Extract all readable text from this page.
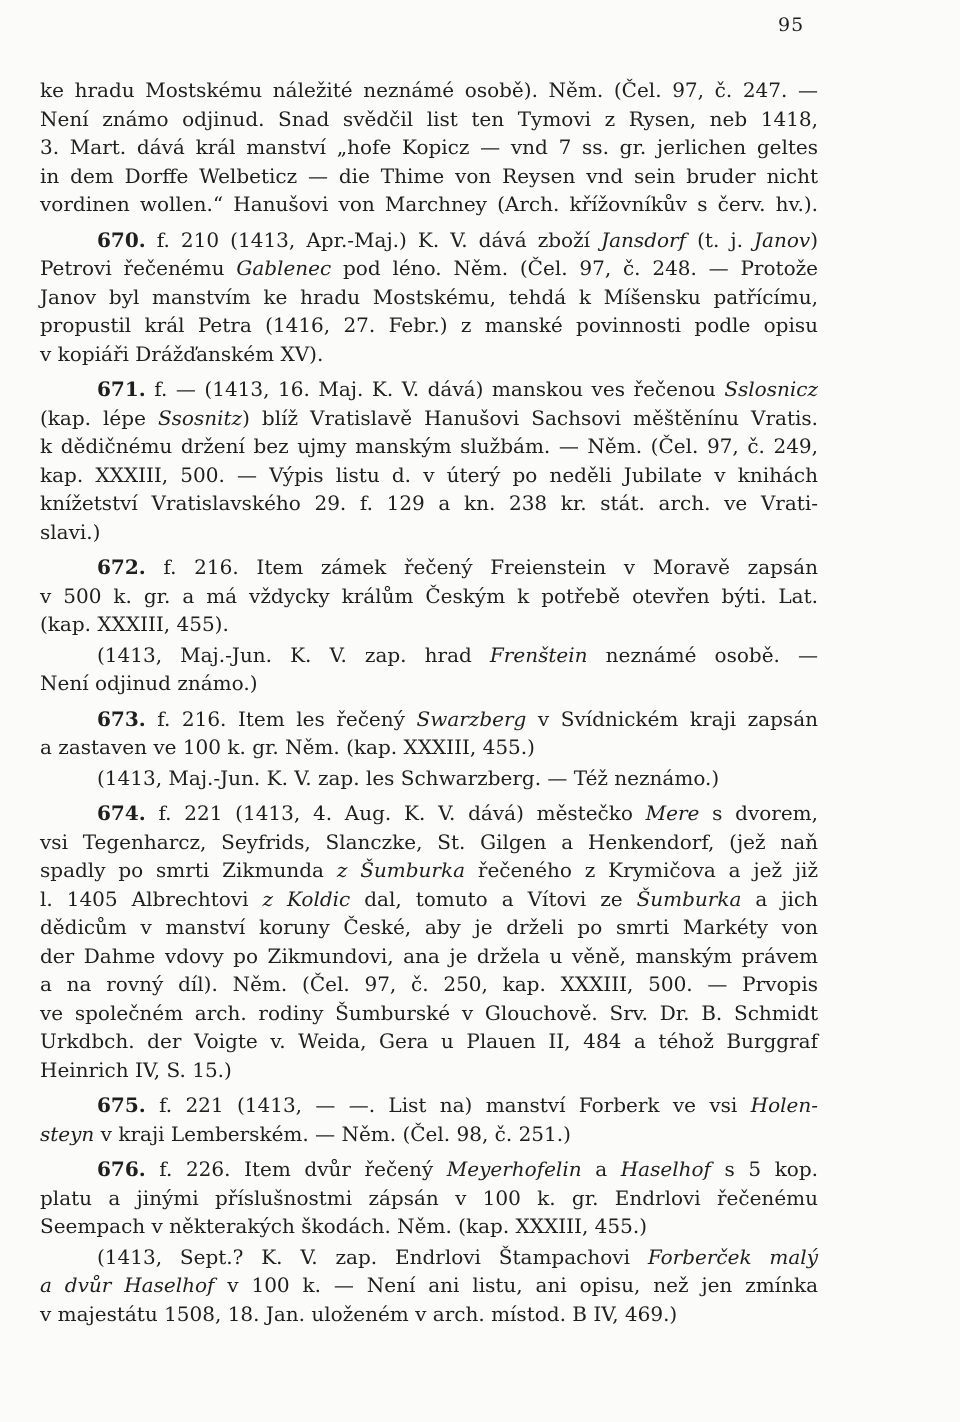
95
ke hradu Mostskému náležité neznámé osobě). Něm. (Čel. 97, č. 247. —
Není známo odjinud. Snad svědčil list ten Tymovi z Rysen, neb 1418,
3. Mart. dává král manství „hofe Kopicz — vnd 7 ss. gr. jerlichen geltes
in dem Dorffe Welbeticz — die Thime von Reysen vnd sein bruder nicht
vordinen wollen.“ Hanušovi von Marchney (Arch. křížovníkův s červ. hv.).
670. f. 210 (1413, Apr.-Maj.) K. V. dává zboží Jansdorf (t. j. Janov)
Petrovi řečenému Gablenec pod léno. Něm. (Čel. 97, č. 248. — Protože
Janov byl manstvím ke hradu Mostskému, tehdá k Míšensku patřícímu,
propustil král Petra (1416, 27. Febr.) z manské povinnosti podle opisu
v kopiáři Drážďanském XV).
671. f. — (1413, 16. Maj. K. V. dává) manskou ves řečenou Sslosnicz
(kap. lépe Ssosnitz) blíž Vratislavě Hanušovi Sachsovi měštěnínu Vratis.
k dědičnému držení bez ujmy manským službám. — Něm. (Čel. 97, č. 249,
kap. XXXIII, 500. — Výpis listu d. v úterý po neděli Jubilate v knihách
knížetství Vratislavského 29. f. 129 a kn. 238 kr. stát. arch. ve Vrati-
slavi.)
672. f. 216. Item zámek řečený Freienstein v Moravě zapsán
v 500 k. gr. a má vždycky králům Českým k potřebě otevřen býti. Lat.
(kap. XXXIII, 455).
(1413, Maj.-Jun. K. V. zap. hrad Frenštein neznámé osobě. —
Není odjinud známo.)
673. f. 216. Item les řečený Swarzberg v Svídnickém kraji zapsán
a zastaven ve 100 k. gr. Něm. (kap. XXXIII, 455.)
(1413, Maj.-Jun. K. V. zap. les Schwarzberg. — Též neznámo.)
674. f. 221 (1413, 4. Aug. K. V. dává) městečko Mere s dvorem,
vsi Tegenharcz, Seyfrids, Slanczke, St. Gilgen a Henkendorf, (jež naň
spadly po smrti Zikmunda z Šumburka řečeného z Krymičova a jež již
l. 1405 Albrechtovi z Koldic dal, tomuto a Vítovi ze Šumburka a jich
dědicům v manství koruny České, aby je drželi po smrti Markéty von
der Dahme vdovy po Zikmundovi, ana je držela u věně, manským právem
a na rovný díl). Něm. (Čel. 97, č. 250, kap. XXXIII, 500. — Prvopis
ve společném arch. rodiny Šumburské v Glouchově. Srv. Dr. B. Schmidt
Urkdbch. der Voigte v. Weida, Gera u Plauen II, 484 a téhož Burggraf
Heinrich IV, S. 15.)
675. f. 221 (1413, — —. List na) manství Forberk ve vsi Holen-
steyn v kraji Lemberském. — Něm. (Čel. 98, č. 251.)
676. f. 226. Item dvůr řečený Meyerhofelin a Haselhof s 5 kop.
platu a jinými příslušnostmi zápsán v 100 k. gr. Endrlovi řečenému
Seempach v některakých škodách. Něm. (kap. XXXIII, 455.)
(1413, Sept.? K. V. zap. Endrlovi Štampachovi Forberček malý
a dvůr Haselhof v 100 k. — Není ani listu, ani opisu, než jen zmínka
v majestátu 1508, 18. Jan. uloženém v arch. místod. B IV, 469.)
